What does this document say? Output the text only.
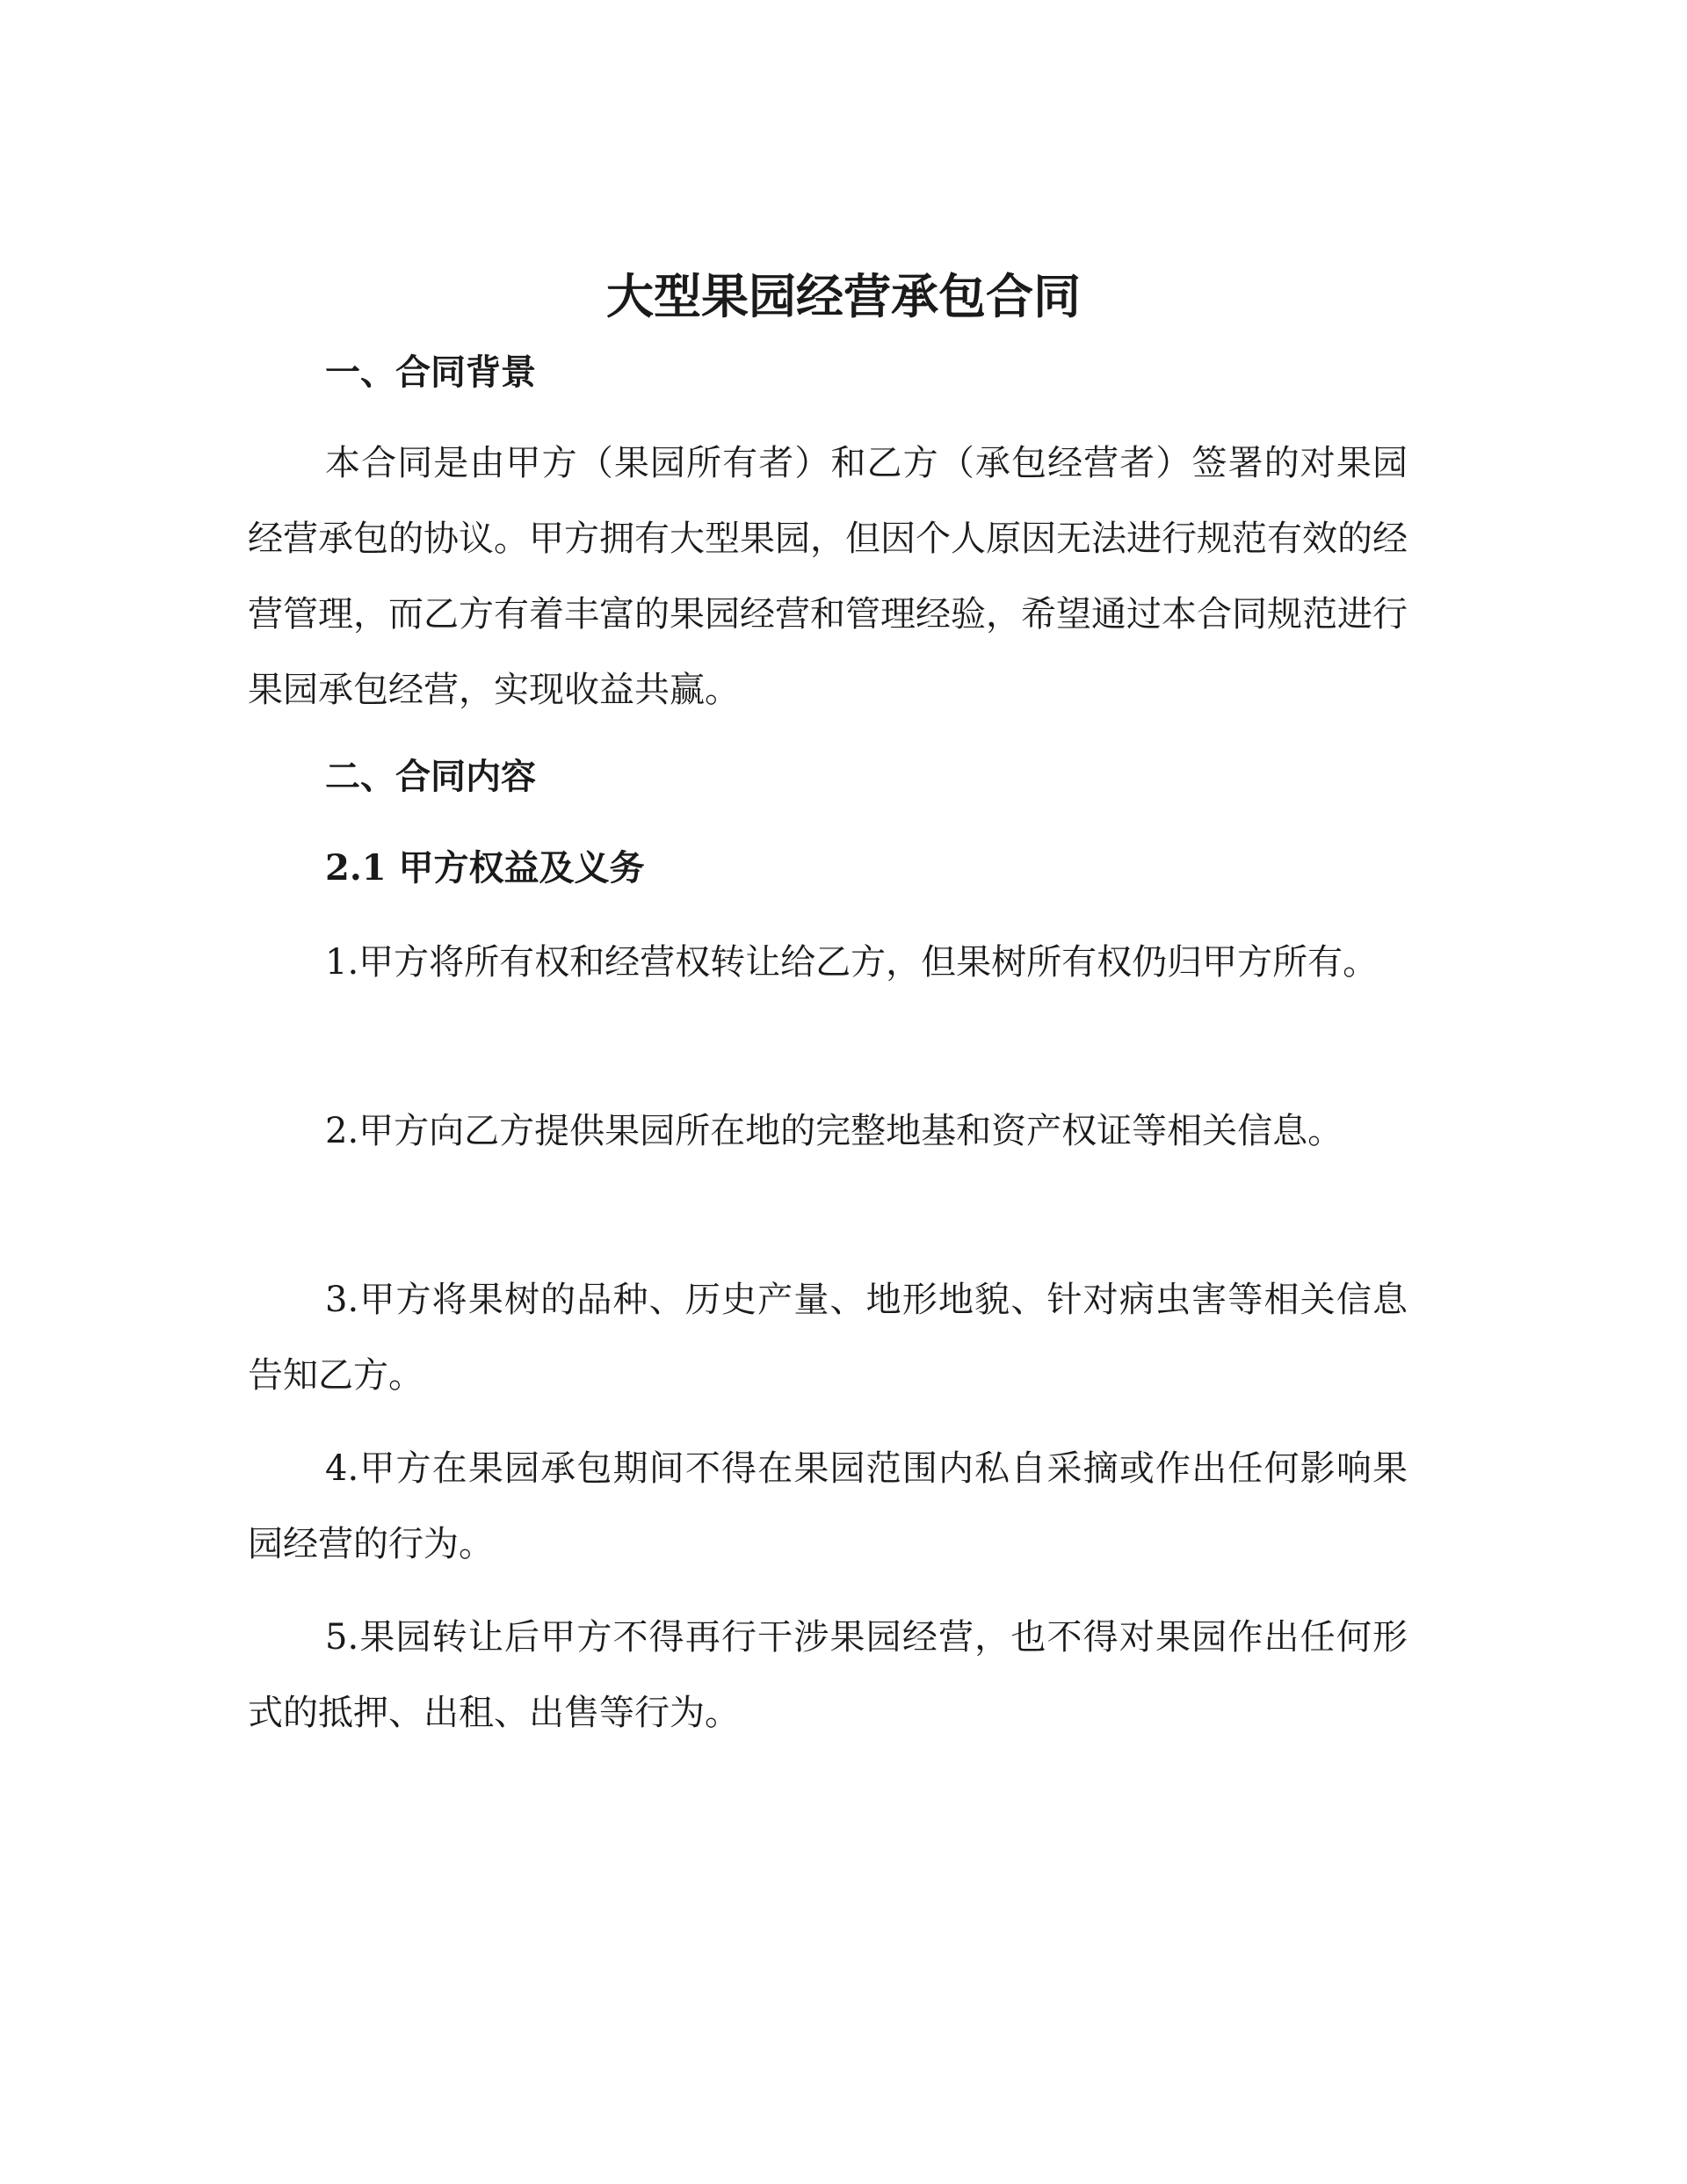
大型果园经营承包合同
一、合同背景

本合同是由甲方（果园所有者）和乙方（承包经营者）签署的对果园经营承包的协议。甲方拥有大型果园，但因个人原因无法进行规范有效的经营管理，而乙方有着丰富的果园经营和管理经验，希望通过本合同规范进行果园承包经营，实现收益共赢。

二、合同内容
2.1 甲方权益及义务

1.甲方将所有权和经营权转让给乙方，但果树所有权仍归甲方所有。

2.甲方向乙方提供果园所在地的完整地基和资产权证等相关信息。

3.甲方将果树的品种、历史产量、地形地貌、针对病虫害等相关信息告知乙方。

4.甲方在果园承包期间不得在果园范围内私自采摘或作出任何影响果园经营的行为。

5.果园转让后甲方不得再行干涉果园经营，也不得对果园作出任何形式的抵押、出租、出售等行为。
